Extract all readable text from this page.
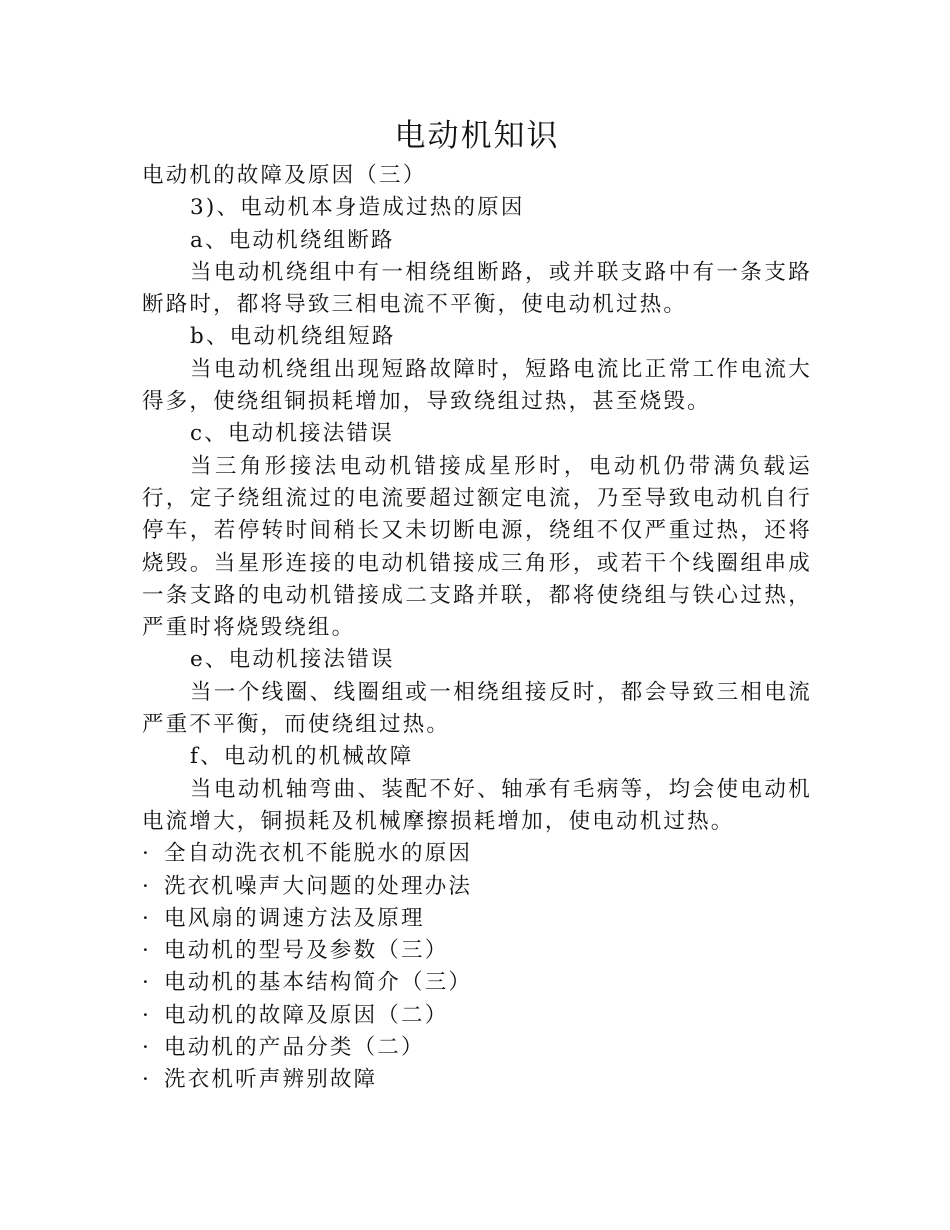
电动机知识

电动机的故障及原因（三）

3)、电动机本身造成过热的原因

a、电动机绕组断路

当电动机绕组中有一相绕组断路，或并联支路中有一条支路断路时，都将导致三相电流不平衡，使电动机过热。

b、电动机绕组短路

当电动机绕组出现短路故障时，短路电流比正常工作电流大得多，使绕组铜损耗增加，导致绕组过热，甚至烧毁。

c、电动机接法错误

当三角形接法电动机错接成星形时，电动机仍带满负载运行，定子绕组流过的电流要超过额定电流，乃至导致电动机自行停车，若停转时间稍长又未切断电源，绕组不仅严重过热，还将烧毁。当星形连接的电动机错接成三角形，或若干个线圈组串成一条支路的电动机错接成二支路并联，都将使绕组与铁心过热，严重时将烧毁绕组。

e、电动机接法错误

当一个线圈、线圈组或一相绕组接反时，都会导致三相电流严重不平衡，而使绕组过热。

f、电动机的机械故障

当电动机轴弯曲、装配不好、轴承有毛病等，均会使电动机电流增大，铜损耗及机械摩擦损耗增加，使电动机过热。

· 全自动洗衣机不能脱水的原因
· 洗衣机噪声大问题的处理办法
· 电风扇的调速方法及原理
· 电动机的型号及参数（三）
· 电动机的基本结构简介（三）
· 电动机的故障及原因（二）
· 电动机的产品分类（二）
· 洗衣机听声辨别故障
